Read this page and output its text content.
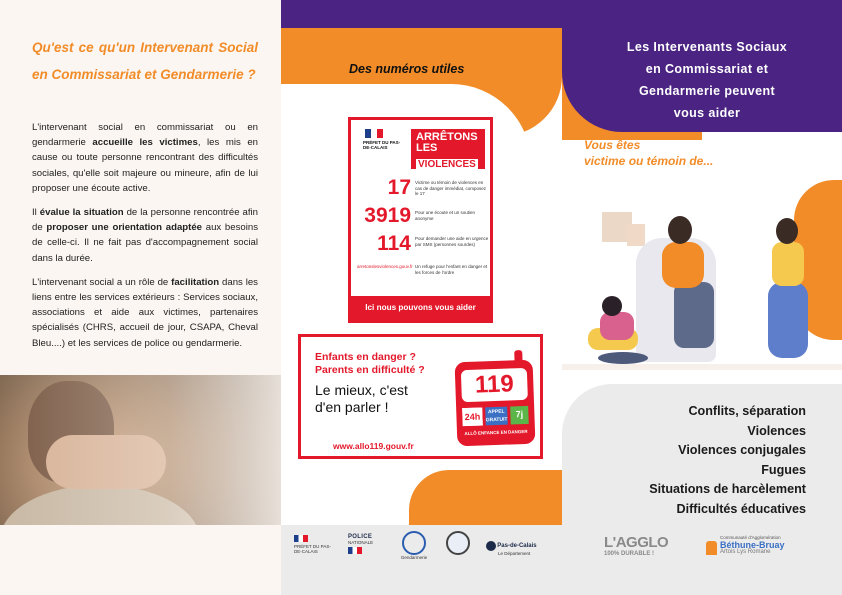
Qu'est ce qu'un Intervenant Social en Commissariat et Gendarmerie ?

L'intervenant social en commissariat ou en gendarmerie accueille les victimes, les mis en cause ou toute personne rencontrant des difficultés sociales, qu'elle soit majeure ou mineure, afin de lui proposer une écoute active.

Il évalue la situation de la personne rencontrée afin de proposer une orientation adaptée aux besoins de celle-ci. Il ne fait pas d'accompagnement social dans la durée.

L'intervenant social a un rôle de facilitation dans les liens entre les services extérieurs : Services sociaux, associations et aide aux victimes, partenaires spécialisés (CHRS, accueil de jour, CSAPA, Cheval Bleu....) et les services de police ou gendarmerie.

Des numéros utiles
PRÉFET DU PAS-DE-CALAIS
ARRÊTONS
LES
VIOLENCES
17 Victime ou témoin de violences en cas de danger immédiat, composez le 17
3919 Pour une écoute et un soutien anonyme
114 Pour demander une aide en urgence par SMS (personnes sourdes)
arretonslesviolences.gouv.fr Un refuge pour l'enfant en danger et les forces de l'ordre
Ici nous pouvons vous aider
Enfants en danger ?
Parents en difficulté ?
Le mieux, c'est
d'en parler !
www.allo119.gouv.fr
119
24h	APPEL GRATUIT
7j
ALLÔ ENFANCE EN DANGER
Les Intervenants Sociaux
en Commissariat et
Gendarmerie peuvent
vous aider
Vous êtes
victime ou témoin de...
Conflits, séparation
Violences
Violences conjugales
Fugues
Situations de harcèlement
Difficultés éducatives
PRÉFET DU PAS-DE-CALAIS
POLICE
NATIONALE
Gendarmerie
Pas-de-Calais
Le Département
L'AGGLO
100% DURABLE !
Communauté d'Agglomération
Béthune-Bruay
Artois Lys Romane
